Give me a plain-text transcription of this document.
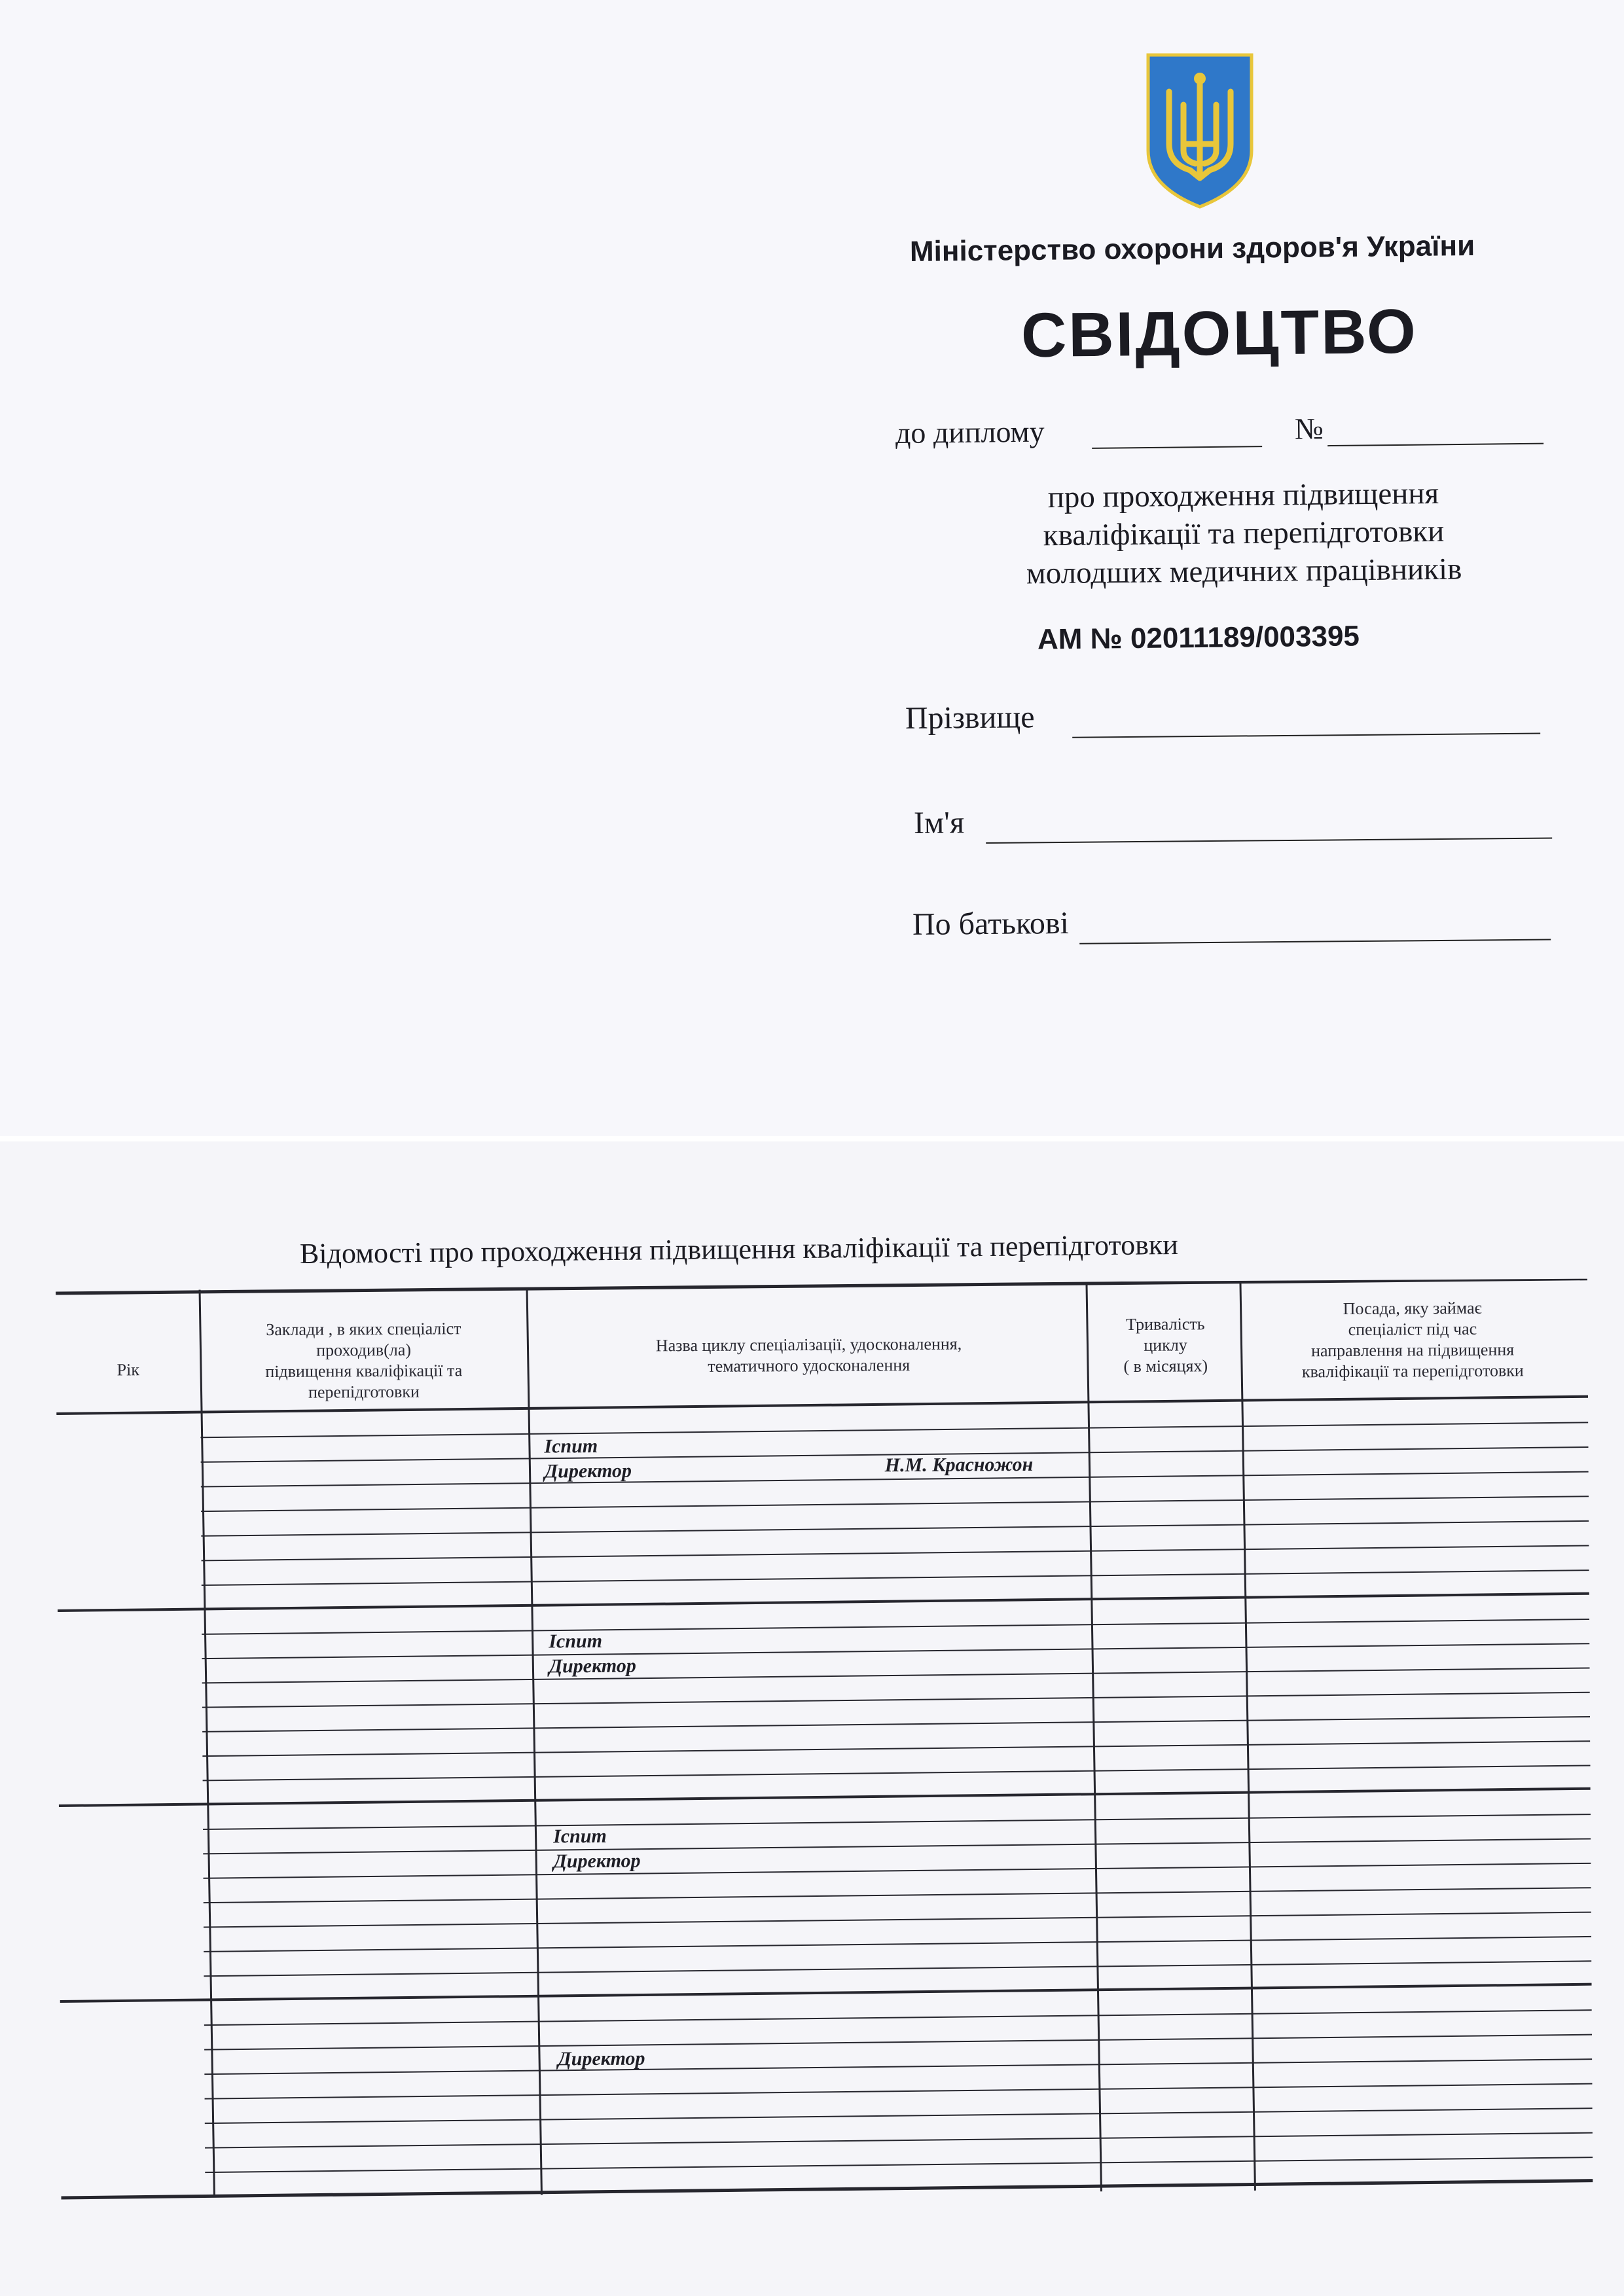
Міністерство охорони здоров'я України
СВІДОЦТВО
до диплому	№
про проходження підвищення
кваліфікації та перепідготовки
молодших медичних працівників
АМ № 02011189/003395
Прізвище
Ім'я
По батькові
Відомості про проходження підвищення кваліфікації та перепідготовки
Рік
Заклади , в яких спеціаліст
проходив(ла)
підвищення кваліфікації та
перепідготовки
Назва циклу спеціалізації, удосконалення,
тематичного удосконалення
Тривалість
циклу
( в місяцях)
Посада, яку займає
спеціаліст під час
направлення на підвищення
кваліфікації та перепідготовки
Іспит
Директор	Н.М. Красножон
Іспит
Директор
Іспит
Директор
Директор
